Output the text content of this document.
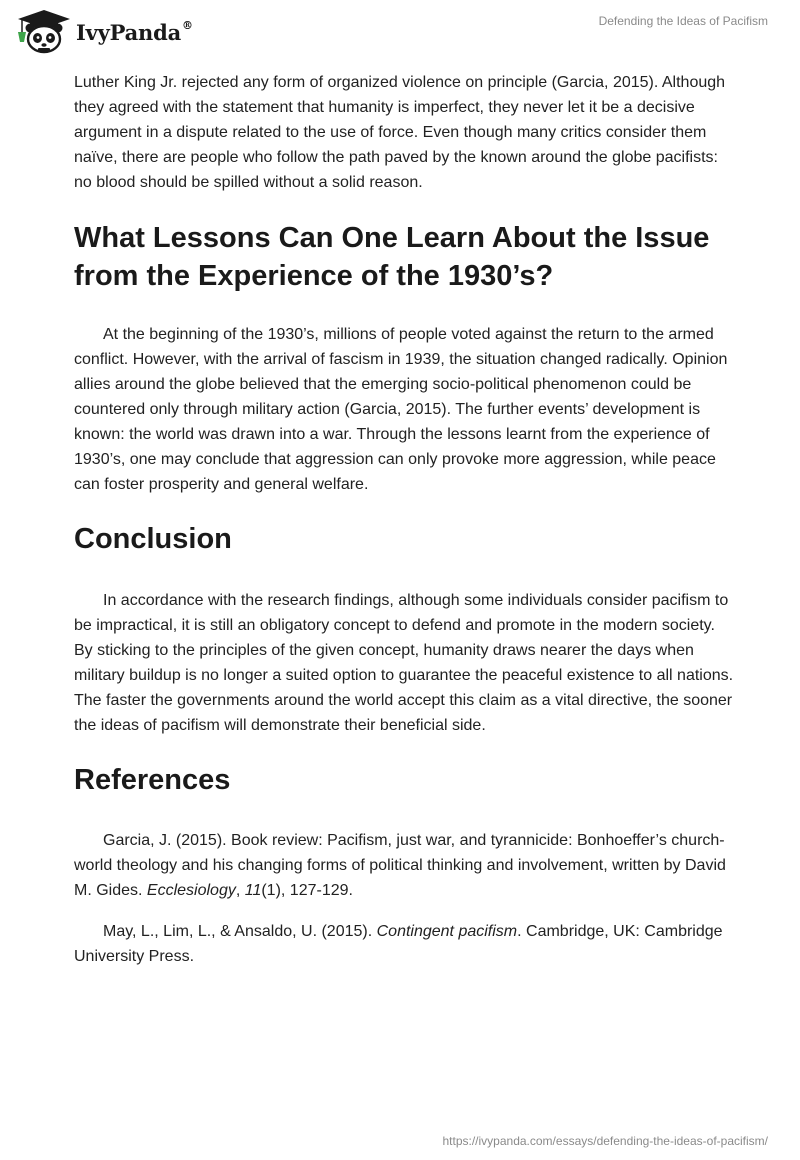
IvyPanda®	Defending the Ideas of Pacifism

Luther King Jr. rejected any form of organized violence on principle (Garcia, 2015). Although they agreed with the statement that humanity is imperfect, they never let it be a decisive argument in a dispute related to the use of force. Even though many critics consider them naïve, there are people who follow the path paved by the known around the globe pacifists: no blood should be spilled without a solid reason.

What Lessons Can One Learn About the Issue from the Experience of the 1930’s?

At the beginning of the 1930’s, millions of people voted against the return to the armed conflict. However, with the arrival of fascism in 1939, the situation changed radically. Opinion allies around the globe believed that the emerging socio-political phenomenon could be countered only through military action (Garcia, 2015). The further events’ development is known: the world was drawn into a war. Through the lessons learnt from the experience of 1930’s, one may conclude that aggression can only provoke more aggression, while peace can foster prosperity and general welfare.

Conclusion

In accordance with the research findings, although some individuals consider pacifism to be impractical, it is still an obligatory concept to defend and promote in the modern society. By sticking to the principles of the given concept, humanity draws nearer the days when military buildup is no longer a suited option to guarantee the peaceful existence to all nations. The faster the governments around the world accept this claim as a vital directive, the sooner the ideas of pacifism will demonstrate their beneficial side.

References

Garcia, J. (2015). Book review: Pacifism, just war, and tyrannicide: Bonhoeffer’s church-world theology and his changing forms of political thinking and involvement, written by David M. Gides. Ecclesiology, 11(1), 127-129.

May, L., Lim, L., & Ansaldo, U. (2015). Contingent pacifism. Cambridge, UK: Cambridge University Press.

https://ivypanda.com/essays/defending-the-ideas-of-pacifism/
